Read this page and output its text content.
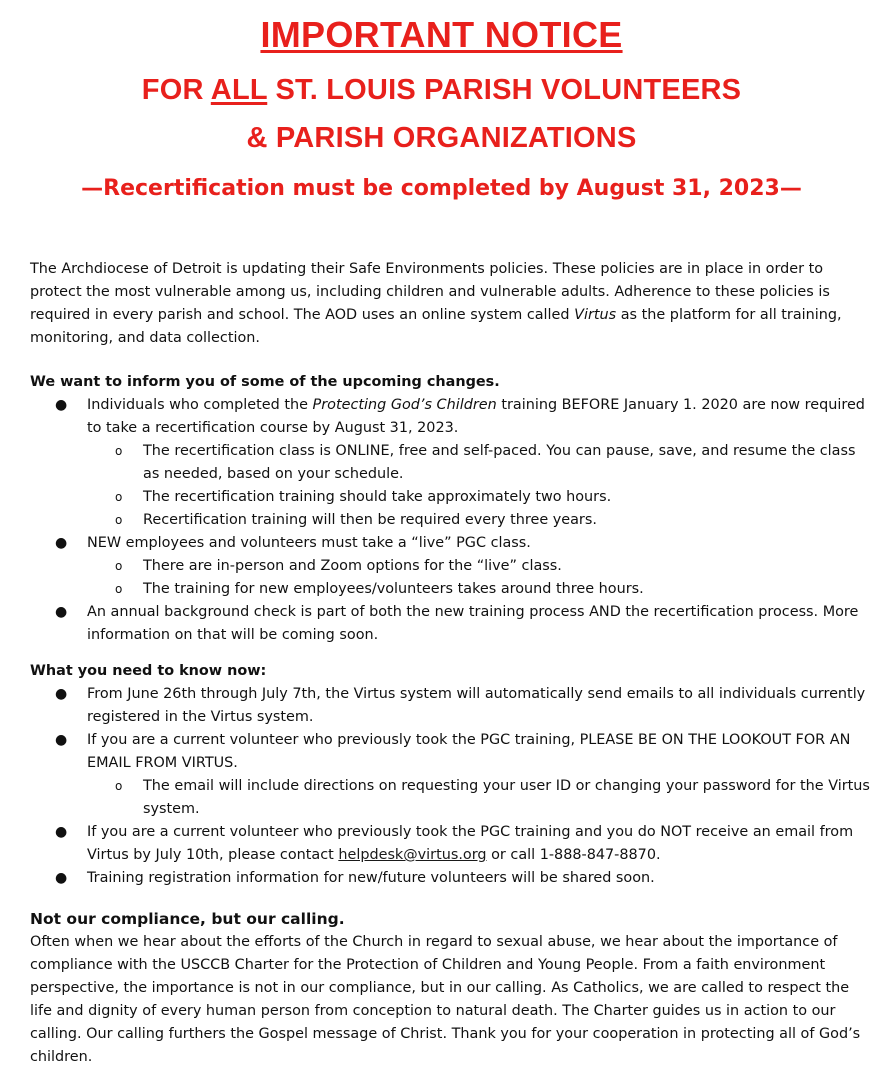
IMPORTANT NOTICE
FOR ALL ST. LOUIS PARISH VOLUNTEERS
& PARISH ORGANIZATIONS
—Recertification must be completed by August 31, 2023—

The Archdiocese of Detroit is updating their Safe Environments policies. These policies are in place in order to protect the most vulnerable among us, including children and vulnerable adults. Adherence to these policies is required in every parish and school. The AOD uses an online system called Virtus as the platform for all training, monitoring, and data collection.

We want to inform you of some of the upcoming changes.

● Individuals who completed the Protecting God’s Children training BEFORE January 1. 2020 are now required to take a recertification course by August 31, 2023.
o The recertification class is ONLINE, free and self-paced. You can pause, save, and resume the class as needed, based on your schedule.
o The recertification training should take approximately two hours.
o Recertification training will then be required every three years.
● NEW employees and volunteers must take a “live” PGC class.
o There are in-person and Zoom options for the “live” class.
o The training for new employees/volunteers takes around three hours.
● An annual background check is part of both the new training process AND the recertification process. More information on that will be coming soon.

What you need to know now:

● From June 26th through July 7th, the Virtus system will automatically send emails to all individuals currently registered in the Virtus system.
● If you are a current volunteer who previously took the PGC training, PLEASE BE ON THE LOOKOUT FOR AN EMAIL FROM VIRTUS.
o The email will include directions on requesting your user ID or changing your password for the Virtus system.
● If you are a current volunteer who previously took the PGC training and you do NOT receive an email from Virtus by July 10th, please contact helpdesk@virtus.org or call 1-888-847-8870.
● Training registration information for new/future volunteers will be shared soon.

Not our compliance, but our calling.

Often when we hear about the efforts of the Church in regard to sexual abuse, we hear about the importance of compliance with the USCCB Charter for the Protection of Children and Young People. From a faith environment perspective, the importance is not in our compliance, but in our calling. As Catholics, we are called to respect the life and dignity of every human person from conception to natural death. The Charter guides us in action to our calling. Our calling furthers the Gospel message of Christ. Thank you for your cooperation in protecting all of God’s children.
